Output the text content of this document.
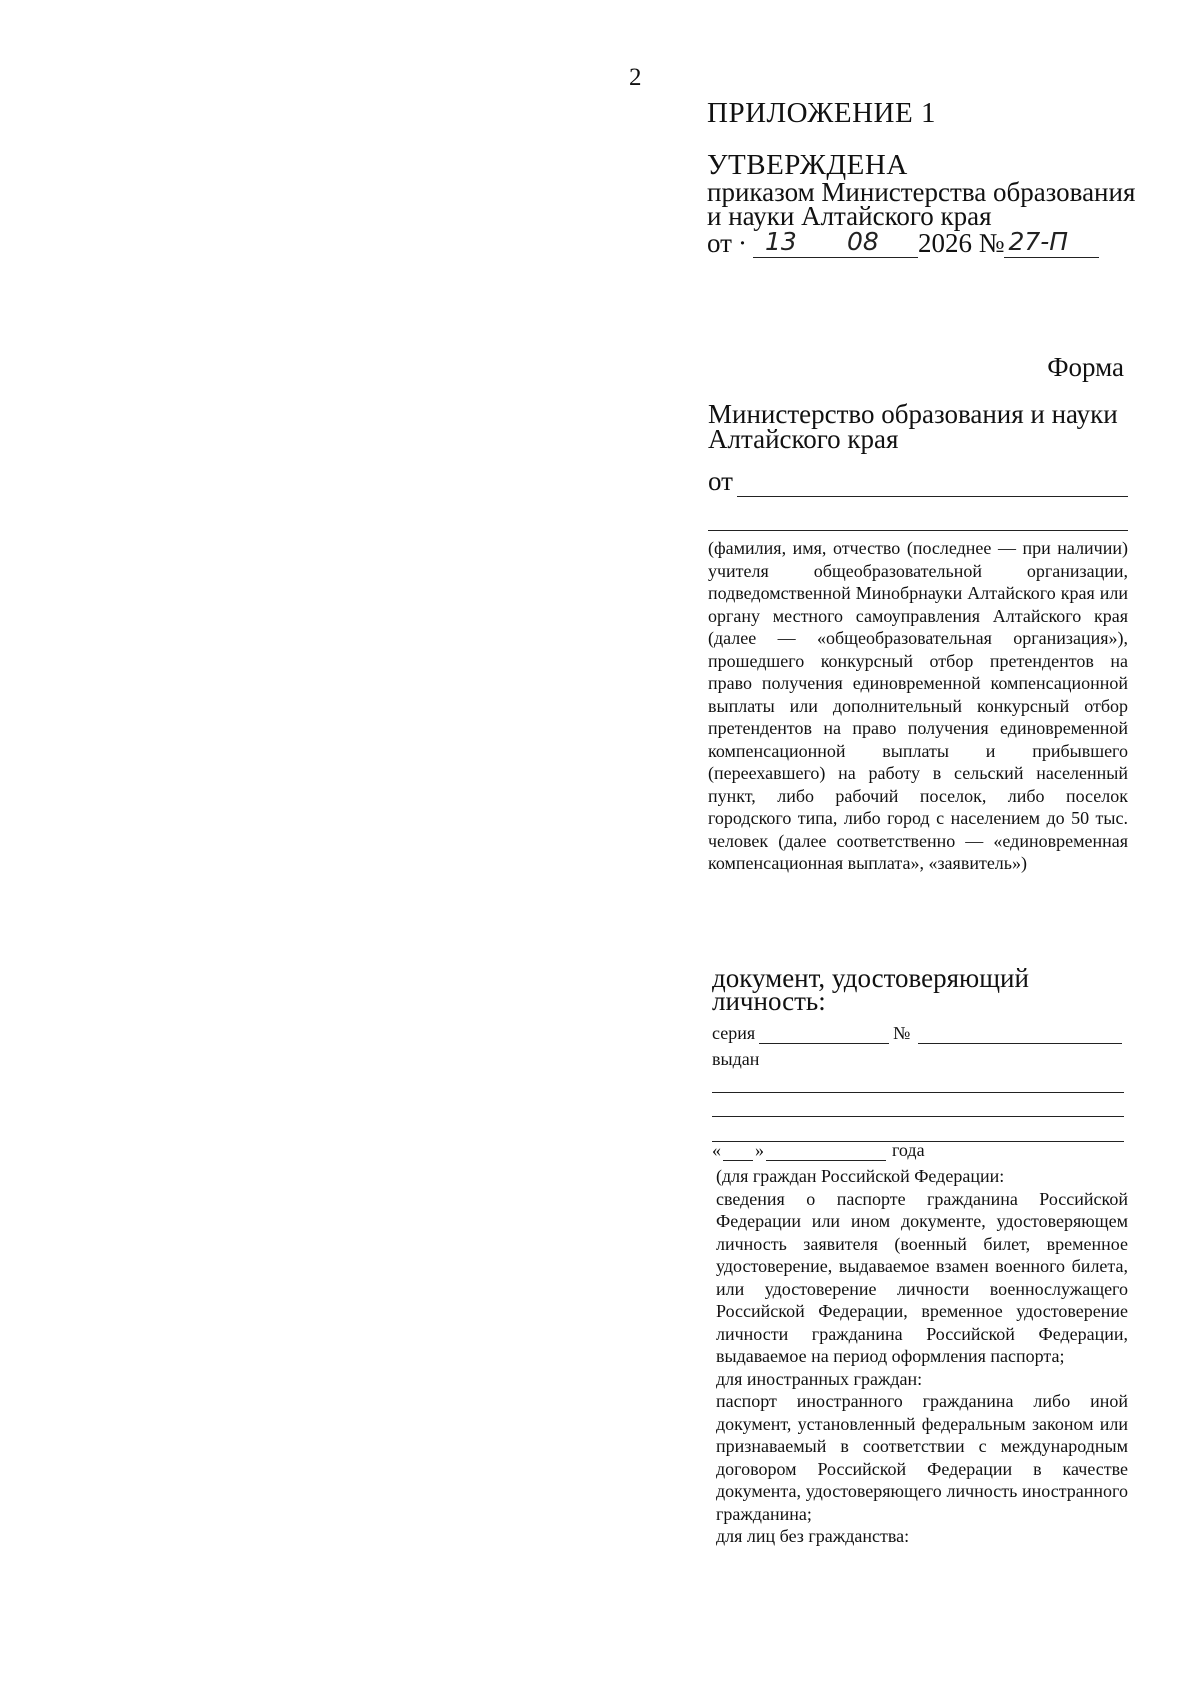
2
ПРИЛОЖЕНИЕ 1
УТВЕРЖДЕНА
приказом Министерства образования и науки Алтайского края
от · 13 08 2026 № 27-П
Форма
Министерство образования и науки Алтайского края
от
(фамилия, имя, отчество (последнее — при наличии) учителя общеобразовательной организации, подведомственной Минобрнауки Алтайского края или органу местного самоуправления Алтайского края (далее — «общеобразовательная организация»), прошедшего конкурсный отбор претендентов на право получения единовременной компенсационной выплаты или дополнительный конкурсный отбор претендентов на право получения единовременной компенсационной выплаты и прибывшего (переехавшего) на работу в сельский населенный пункт, либо рабочий поселок, либо поселок городского типа, либо город с населением до 50 тыс. человек (далее соответственно — «единовременная компенсационная выплата», «заявитель»)
документ, удостоверяющий личность:
серия	№
выдан
« »	года

(для граждан Российской Федерации:

сведения о паспорте гражданина Российской Федерации или ином документе, удостоверяющем личность заявителя (военный билет, временное удостоверение, выдаваемое взамен военного билета, или удостоверение личности военнослужащего Российской Федерации, временное удостоверение личности гражданина Российской Федерации, выдаваемое на период оформления паспорта;

для иностранных граждан:

паспорт иностранного гражданина либо иной документ, установленный федеральным законом или признаваемый в соответствии с международным договором Российской Федерации в качестве документа, удостоверяющего личность иностранного гражданина;

для лиц без гражданства:
